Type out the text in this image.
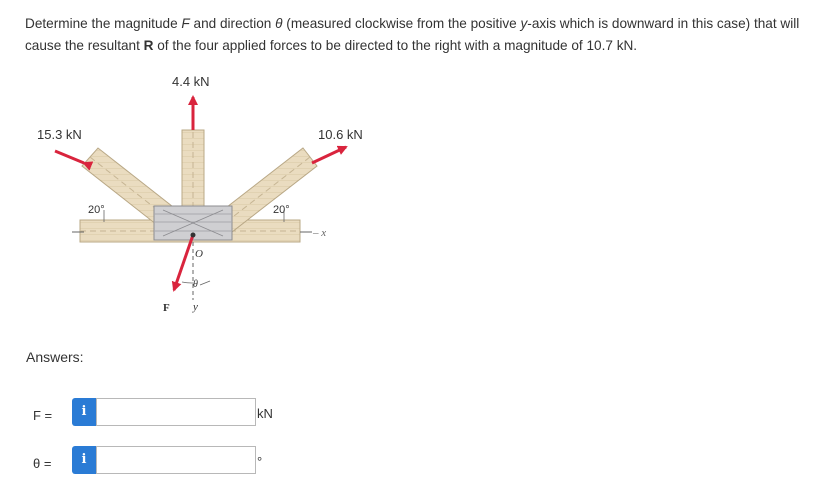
Determine the magnitude F and direction θ (measured clockwise from the positive y-axis which is downward in this case) that will cause the resultant R of the four applied forces to be directed to the right with a magnitude of 10.7 kN.
4.4 kN
15.3 kN	10.6 kN
20°	20°
O
θ
F y
– x
Answers:
F =	i	kN
θ =	i	°
